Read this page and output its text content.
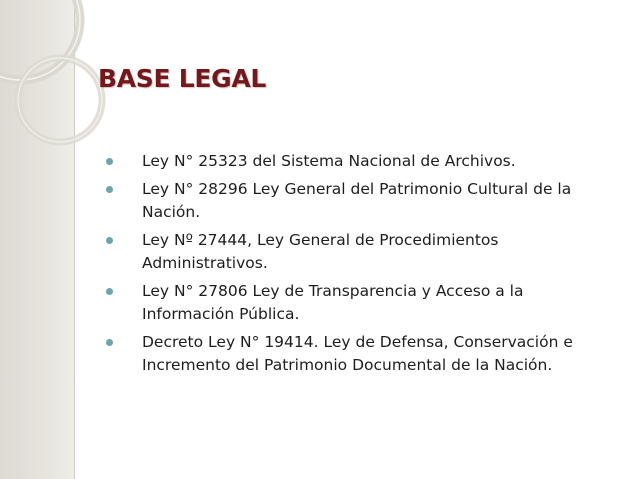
BASE LEGAL
Ley N° 25323 del Sistema Nacional de Archivos.
Ley N° 28296 Ley General del Patrimonio Cultural de la Nación.
Ley Nº 27444, Ley General de Procedimientos Administrativos.
Ley N° 27806 Ley de Transparencia y Acceso a la Información Pública.
Decreto Ley N° 19414. Ley de Defensa, Conservación e Incremento del Patrimonio Documental de la Nación.
